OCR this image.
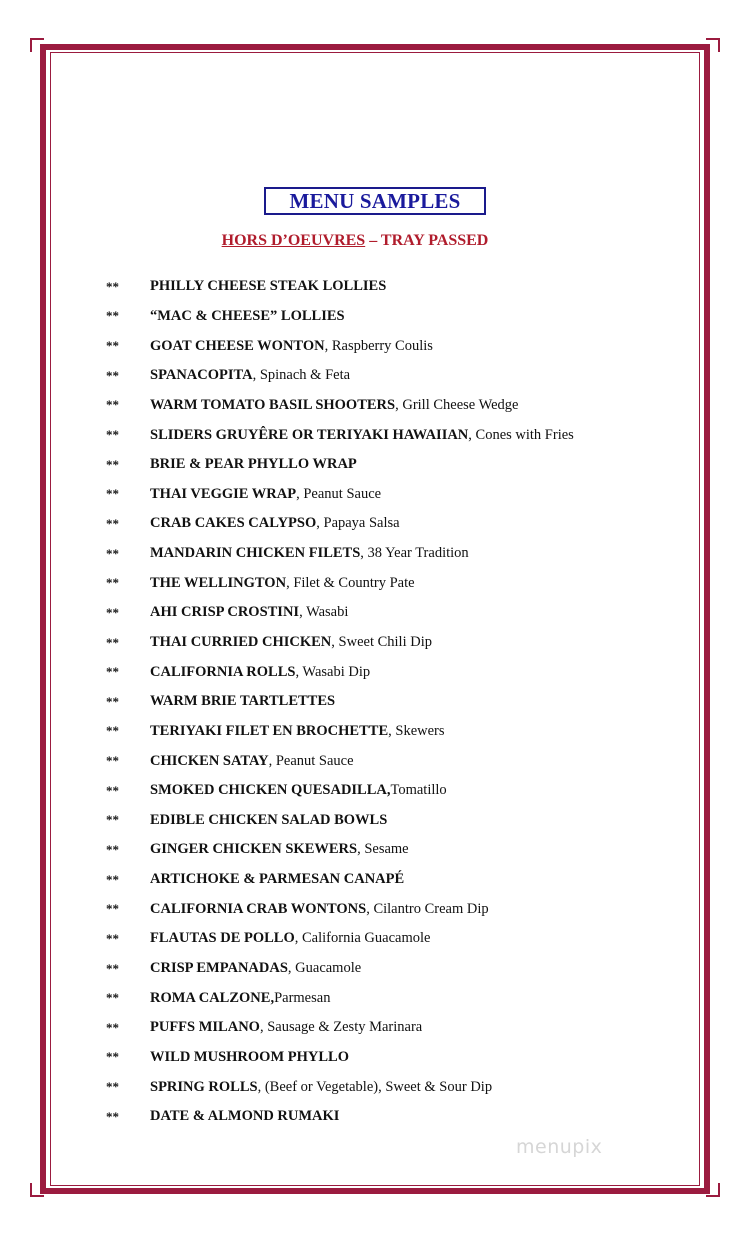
MENU SAMPLES
HORS D’OEUVRES – TRAY PASSED
**	PHILLY CHEESE STEAK LOLLIES
**	“MAC & CHEESE” LOLLIES
**	GOAT CHEESE WONTON , Raspberry Coulis
**	SPANACOPITA , Spinach & Feta
**	WARM TOMATO BASIL SHOOTERS , Grill Cheese Wedge
**	SLIDERS GRUYÊRE OR TERIYAKI HAWAIIAN , Cones with Fries
**	BRIE & PEAR PHYLLO WRAP
**	THAI VEGGIE WRAP , Peanut Sauce
**	CRAB CAKES CALYPSO , Papaya Salsa
**	MANDARIN CHICKEN FILETS , 38 Year Tradition
**	THE WELLINGTON , Filet & Country Pate
**	AHI CRISP CROSTINI , Wasabi
**	THAI CURRIED CHICKEN , Sweet Chili Dip
**	CALIFORNIA ROLLS , Wasabi Dip
**	WARM BRIE TARTLETTES
**	TERIYAKI FILET EN BROCHETTE , Skewers
**	CHICKEN SATAY , Peanut Sauce
**	SMOKED CHICKEN QUESADILLA, Tomatillo
**	EDIBLE CHICKEN SALAD BOWLS
**	GINGER CHICKEN SKEWERS , Sesame
**	ARTICHOKE & PARMESAN CANAPÉ
**	CALIFORNIA CRAB WONTONS , Cilantro Cream Dip
**	FLAUTAS DE POLLO , California Guacamole
**	CRISP EMPANADAS , Guacamole
**	ROMA CALZONE, Parmesan
**	PUFFS MILANO , Sausage & Zesty Marinara
**	WILD MUSHROOM PHYLLO
**	SPRING ROLLS , (Beef or Vegetable), Sweet & Sour Dip
**	DATE & ALMOND RUMAKI
menupix
